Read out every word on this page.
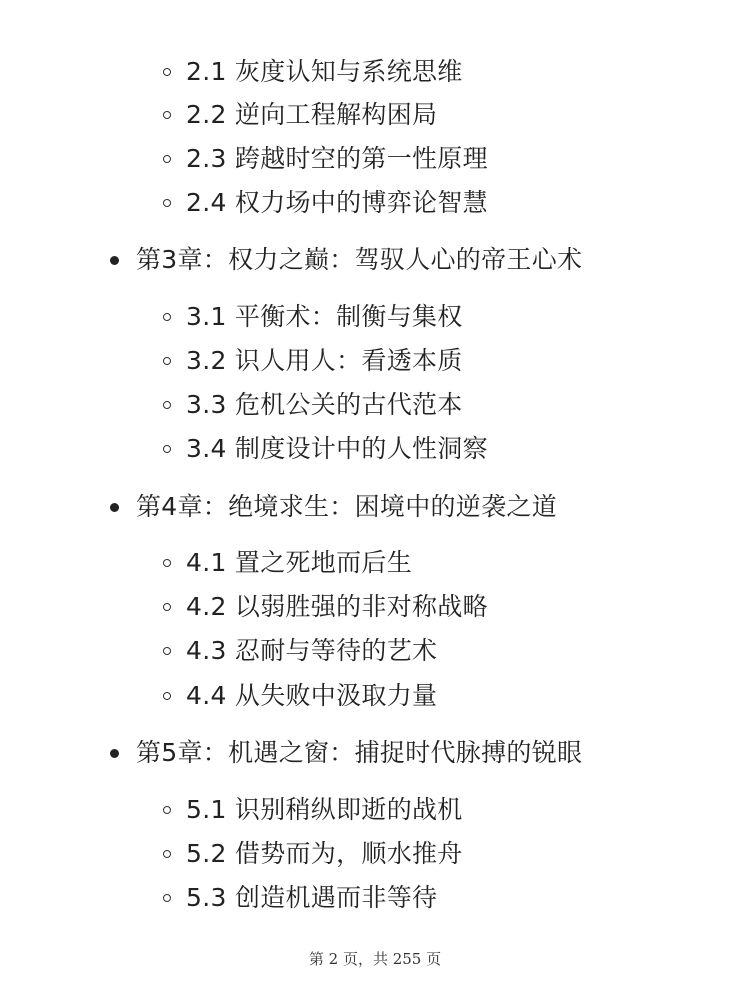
2.1 灰度认知与系统思维
2.2 逆向工程解构困局
2.3 跨越时空的第一性原理
2.4 权力场中的博弈论智慧
第3章：权力之巅：驾驭人心的帝王心术
3.1 平衡术：制衡与集权
3.2 识人用人：看透本质
3.3 危机公关的古代范本
3.4 制度设计中的人性洞察
第4章：绝境求生：困境中的逆袭之道
4.1 置之死地而后生
4.2 以弱胜强的非对称战略
4.3 忍耐与等待的艺术
4.4 从失败中汲取力量
第5章：机遇之窗：捕捉时代脉搏的锐眼
5.1 识别稍纵即逝的战机
5.2 借势而为，顺水推舟
5.3 创造机遇而非等待
第 2 页，共 255 页
